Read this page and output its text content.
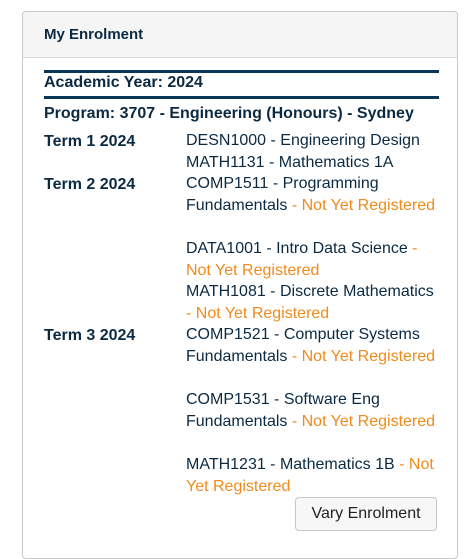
My Enrolment
Academic Year: 2024
Program: 3707 - Engineering (Honours) - Sydney
Term 1 2024	DESN1000 - Engineering Design
MATH1131 - Mathematics 1A
Term 2 2024	COMP1511 - Programming Fundamentals - Not Yet Registered
DATA1001 - Intro Data Science - Not Yet Registered
MATH1081 - Discrete Mathematics - Not Yet Registered
Term 3 2024	COMP1521 - Computer Systems Fundamentals - Not Yet Registered
COMP1531 - Software Eng Fundamentals - Not Yet Registered
MATH1231 - Mathematics 1B - Not Yet Registered
Vary Enrolment
